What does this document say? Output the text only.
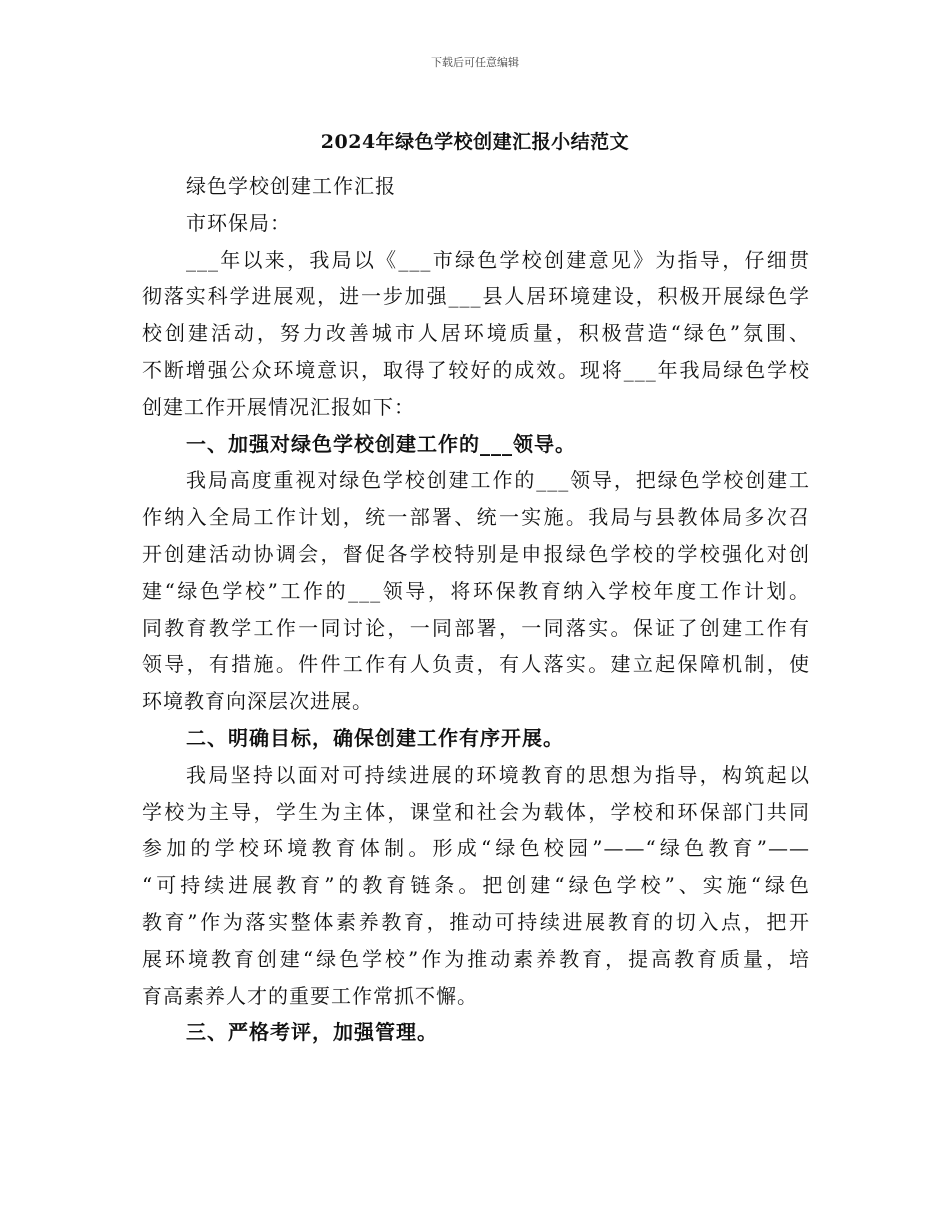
下载后可任意编辑
2024年绿色学校创建汇报小结范文
绿色学校创建工作汇报
市环保局：
___年以来，我局以《___市绿色学校创建意见》为指导，仔细贯
彻落实科学进展观，进一步加强___县人居环境建设，积极开展绿色学
校创建活动，努力改善城市人居环境质量，积极营造“绿色”氛围、
不断增强公众环境意识，取得了较好的成效。现将___年我局绿色学校
创建工作开展情况汇报如下：
一、加强对绿色学校创建工作的___领导。
我局高度重视对绿色学校创建工作的___领导，把绿色学校创建工
作纳入全局工作计划，统一部署、统一实施。我局与县教体局多次召
开创建活动协调会，督促各学校特别是申报绿色学校的学校强化对创
建“绿色学校”工作的___领导，将环保教育纳入学校年度工作计划。
同教育教学工作一同讨论，一同部署，一同落实。保证了创建工作有
领导，有措施。件件工作有人负责，有人落实。建立起保障机制，使
环境教育向深层次进展。
二、明确目标，确保创建工作有序开展。
我局坚持以面对可持续进展的环境教育的思想为指导，构筑起以
学校为主导，学生为主体，课堂和社会为载体，学校和环保部门共同
参加的学校环境教育体制。形成“绿色校园”——“绿色教育”——
“可持续进展教育”的教育链条。把创建“绿色学校”、实施“绿色
教育”作为落实整体素养教育，推动可持续进展教育的切入点，把开
展环境教育创建“绿色学校”作为推动素养教育，提高教育质量，培
育高素养人才的重要工作常抓不懈。
三、严格考评，加强管理。
